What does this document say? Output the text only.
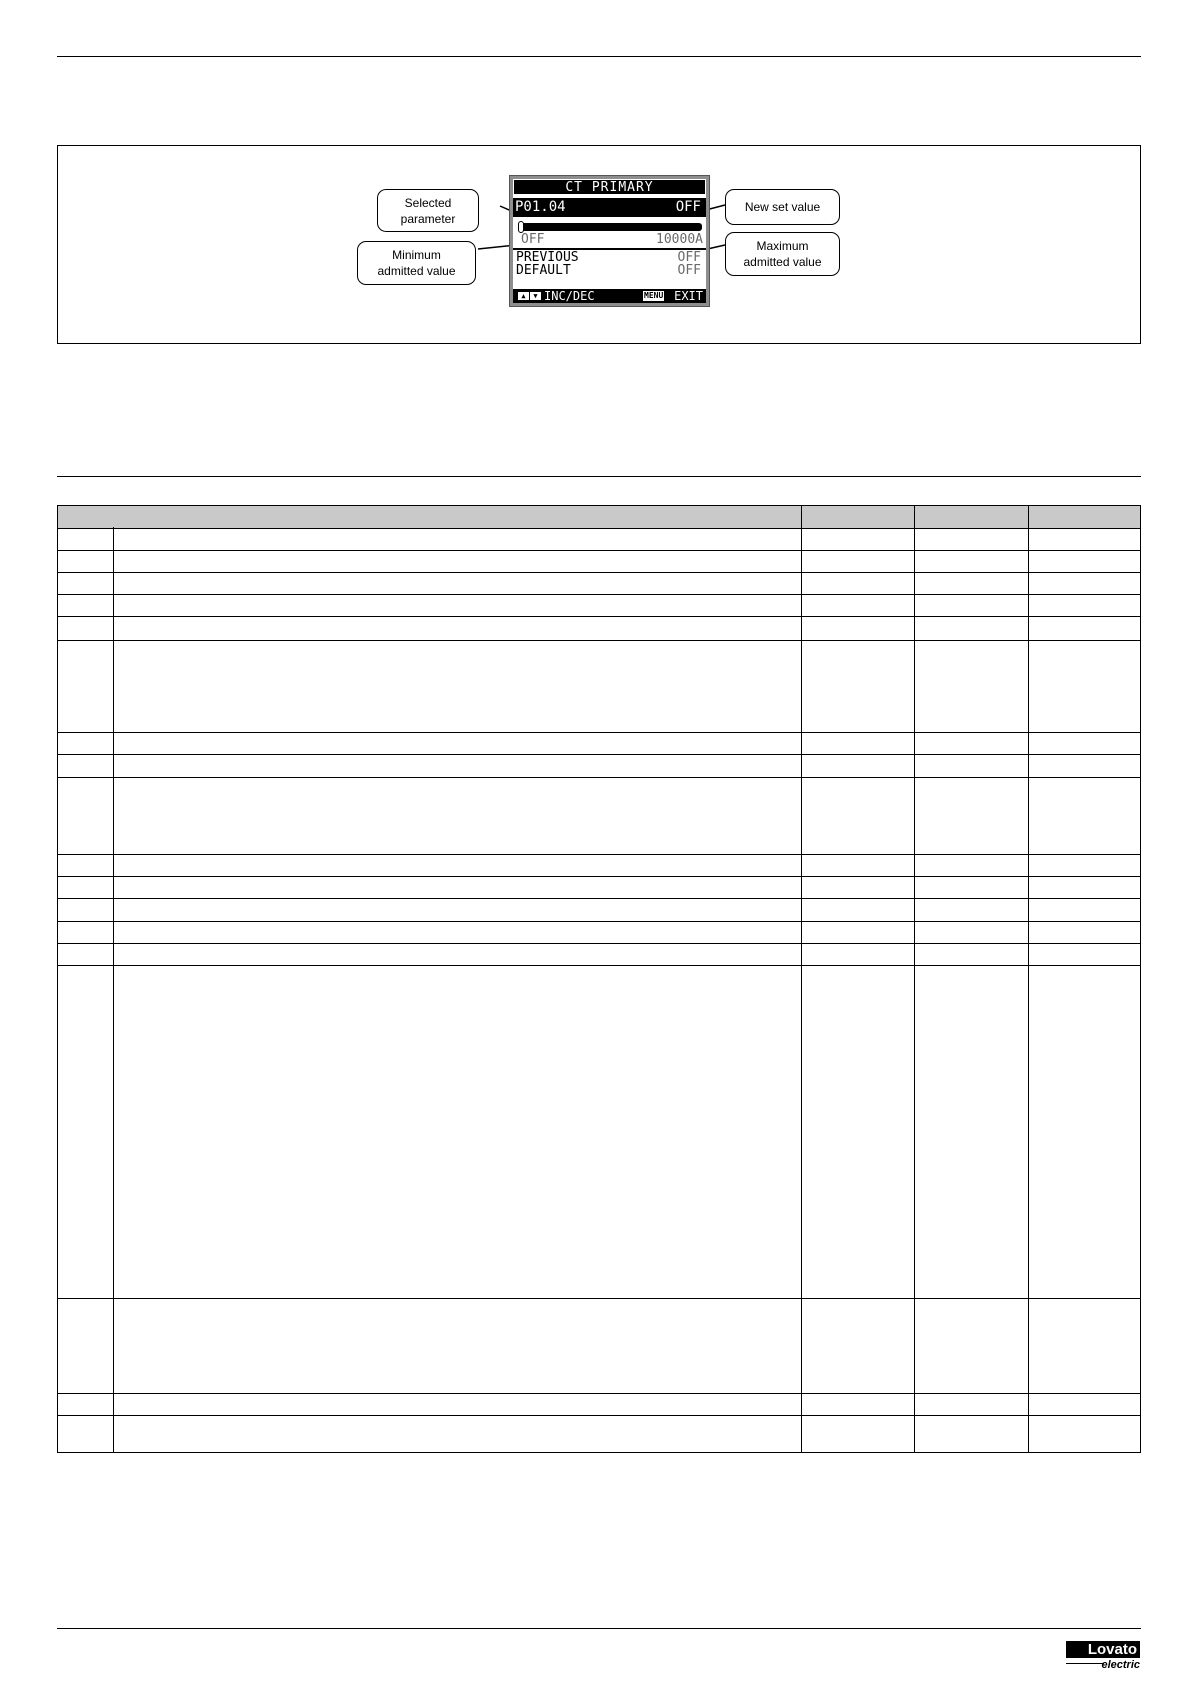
Selected
parameter
Minimum
admitted value
New set value
Maximum
admitted value
CT PRIMARY
P01.04	OFF
OFF	10000A
PREVIOUS	OFF
DEFAULT	OFF
▲	▼ INC/DEC	MENU EXIT
Lovato
electric
